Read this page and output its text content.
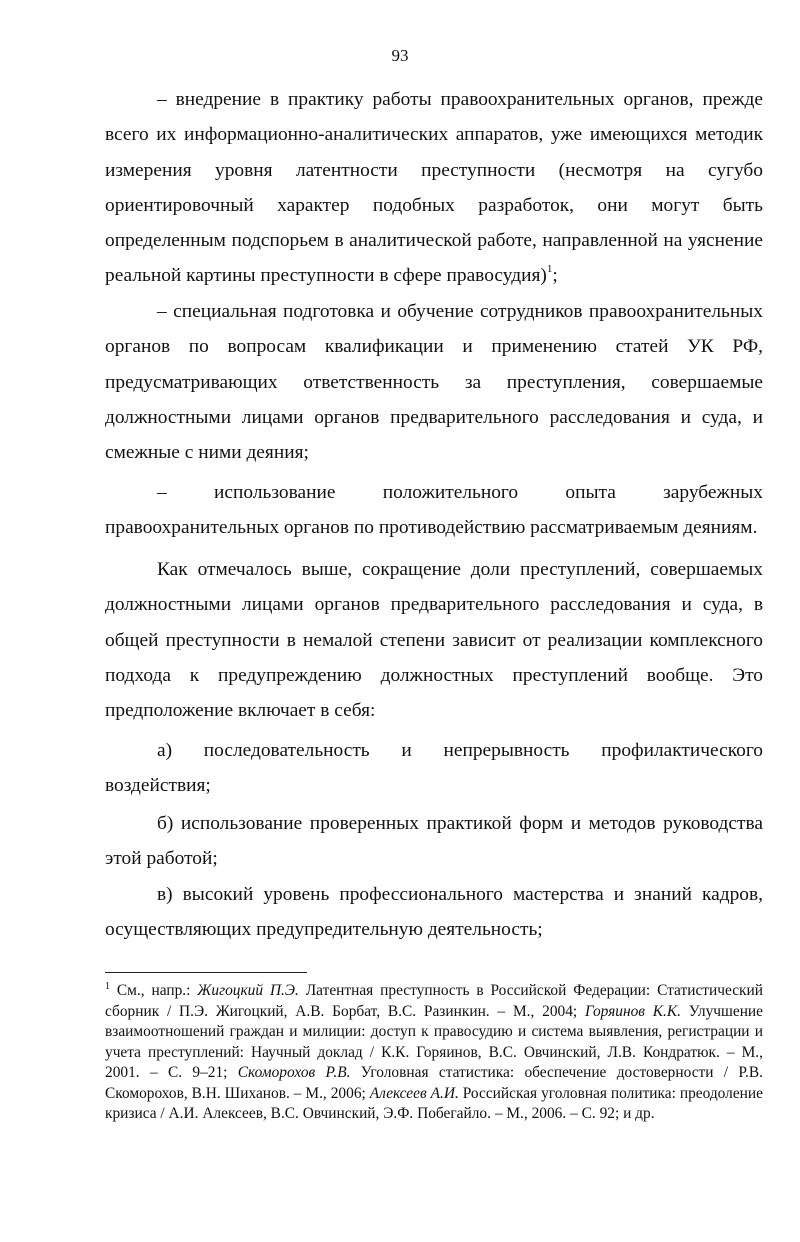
93

– внедрение в практику работы правоохранительных органов, прежде всего их информационно-аналитических аппаратов, уже имеющихся методик измерения уровня латентности преступности (несмотря на сугубо ориентировочный характер подобных разработок, они могут быть определенным подспорьем в аналитической работе, направленной на уяснение реальной картины преступности в сфере правосудия)$^1$;

– специальная подготовка и обучение сотрудников правоохранительных органов по вопросам квалификации и применению статей УК РФ, предусматривающих ответственность за преступления, совершаемые должностными лицами органов предварительного расследования и суда, и смежные с ними деяния;

– использование положительного опыта зарубежных правоохранительных органов по противодействию рассматриваемым деяниям.

Как отмечалось выше, сокращение доли преступлений, совершаемых должностными лицами органов предварительного расследования и суда, в общей преступности в немалой степени зависит от реализации комплексного подхода к предупреждению должностных преступлений вообще. Это предположение включает в себя:

а) последовательность и непрерывность профилактического воздействия;

б) использование проверенных практикой форм и методов руководства этой работой;

в) высокий уровень профессионального мастерства и знаний кадров, осуществляющих предупредительную деятельность;

$^1$ См., напр.: Жигоцкий П.Э. Латентная преступность в Российской Федерации: Статистический сборник / П.Э. Жигоцкий, А.В. Борбат, В.С. Разинкин. – М., 2004; Горяинов К.К. Улучшение взаимоотношений граждан и милиции: доступ к правосудию и система выявления, регистрации и учета преступлений: Научный доклад / К.К. Горяинов, В.С. Овчинский, Л.В. Кондратюк. – М., 2001. – С. 9–21; Скоморохов Р.В. Уголовная статистика: обеспечение достоверности / Р.В. Скоморохов, В.Н. Шиханов. – М., 2006; Алексеев А.И. Российская уголовная политика: преодоление кризиса / А.И. Алексеев, В.С. Овчинский, Э.Ф. Побегайло. – М., 2006. – С. 92; и др.
